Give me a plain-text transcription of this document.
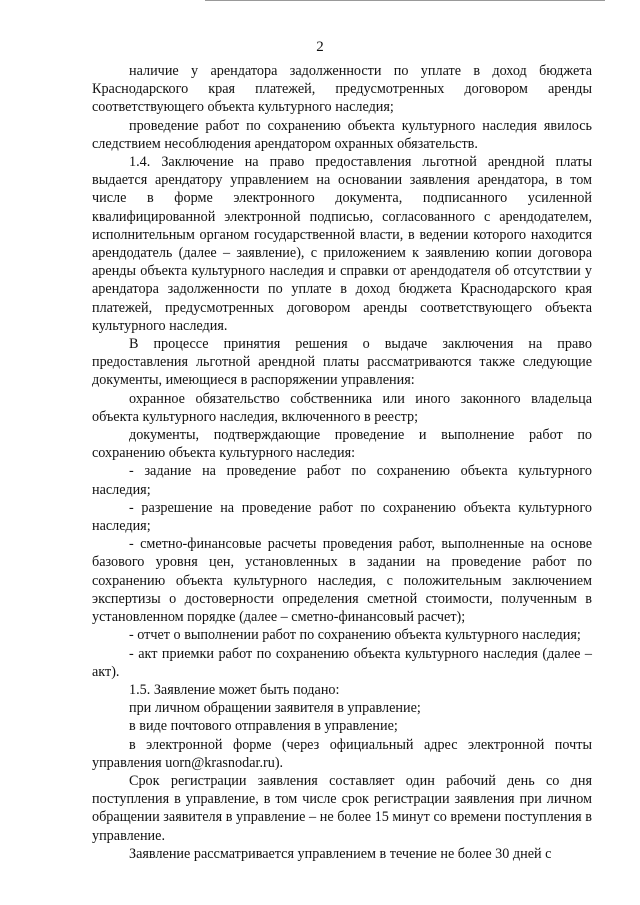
2

наличие у арендатора задолженности по уплате в доход бюджета Краснодарского края платежей, предусмотренных договором аренды соответствующего объекта культурного наследия;

проведение работ по сохранению объекта культурного наследия явилось следствием несоблюдения арендатором охранных обязательств.

1.4. Заключение на право предоставления льготной арендной платы выдается арендатору управлением на основании заявления арендатора, в том числе в форме электронного документа, подписанного усиленной квалифицированной электронной подписью, согласованного с арендодателем, исполнительным органом государственной власти, в ведении которого находится арендодатель (далее – заявление), с приложением к заявлению копии договора аренды объекта культурного наследия и справки от арендодателя об отсутствии у арендатора задолженности по уплате в доход бюджета Краснодарского края платежей, предусмотренных договором аренды соответствующего объекта культурного наследия.

В процессе принятия решения о выдаче заключения на право предоставления льготной арендной платы рассматриваются также следующие документы, имеющиеся в распоряжении управления:

охранное обязательство собственника или иного законного владельца объекта культурного наследия, включенного в реестр;

документы, подтверждающие проведение и выполнение работ по сохранению объекта культурного наследия:

- задание на проведение работ по сохранению объекта культурного наследия;

- разрешение на проведение работ по сохранению объекта культурного наследия;

- сметно-финансовые расчеты проведения работ, выполненные на основе базового уровня цен, установленных в задании на проведение работ по сохранению объекта культурного наследия, с положительным заключением экспертизы о достоверности определения сметной стоимости, полученным в установленном порядке (далее – сметно-финансовый расчет);

- отчет о выполнении работ по сохранению объекта культурного наследия;

- акт приемки работ по сохранению объекта культурного наследия (далее – акт).

1.5. Заявление может быть подано:

при личном обращении заявителя в управление;

в виде почтового отправления в управление;

в электронной форме (через официальный адрес электронной почты управления uorn@krasnodar.ru).

Срок регистрации заявления составляет один рабочий день со дня поступления в управление, в том числе срок регистрации заявления при личном обращении заявителя в управление – не более 15 минут со времени поступления в управление.

Заявление рассматривается управлением в течение не более 30 дней с
